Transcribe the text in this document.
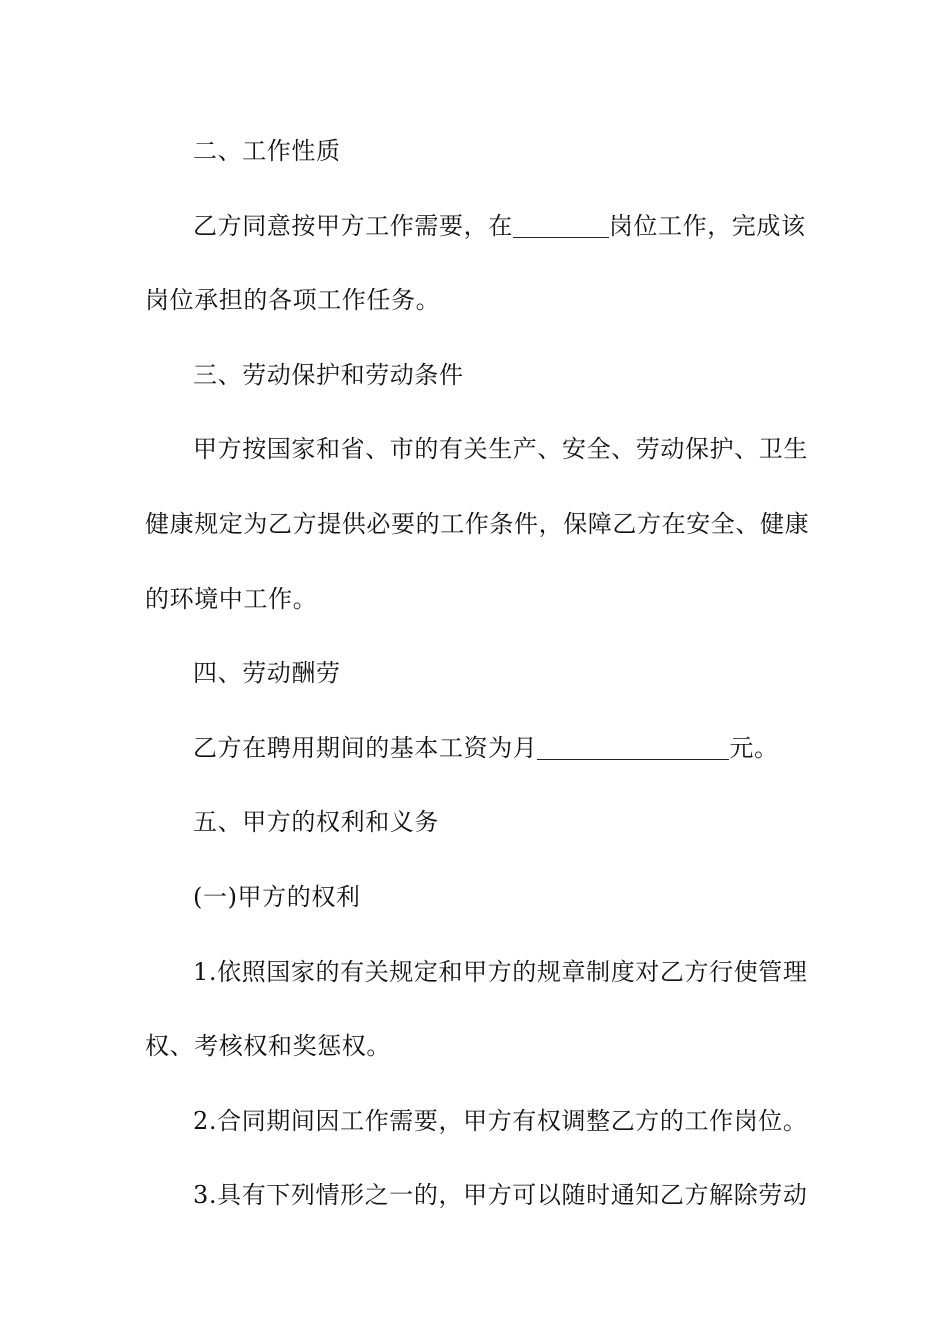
二、工作性质
乙方同意按甲方工作需要，在	岗位工作，完成该
岗位承担的各项工作任务。
三、劳动保护和劳动条件
甲方按国家和省、市的有关生产、安全、劳动保护、卫生
健康规定为乙方提供必要的工作条件，保障乙方在安全、健康
的环境中工作。
四、劳动酬劳
乙方在聘用期间的基本工资为月	元。
五、甲方的权利和义务
(一)甲方的权利
1.依照国家的有关规定和甲方的规章制度对乙方行使管理
权、考核权和奖惩权。
2.合同期间因工作需要，甲方有权调整乙方的工作岗位。
3.具有下列情形之一的，甲方可以随时通知乙方解除劳动
